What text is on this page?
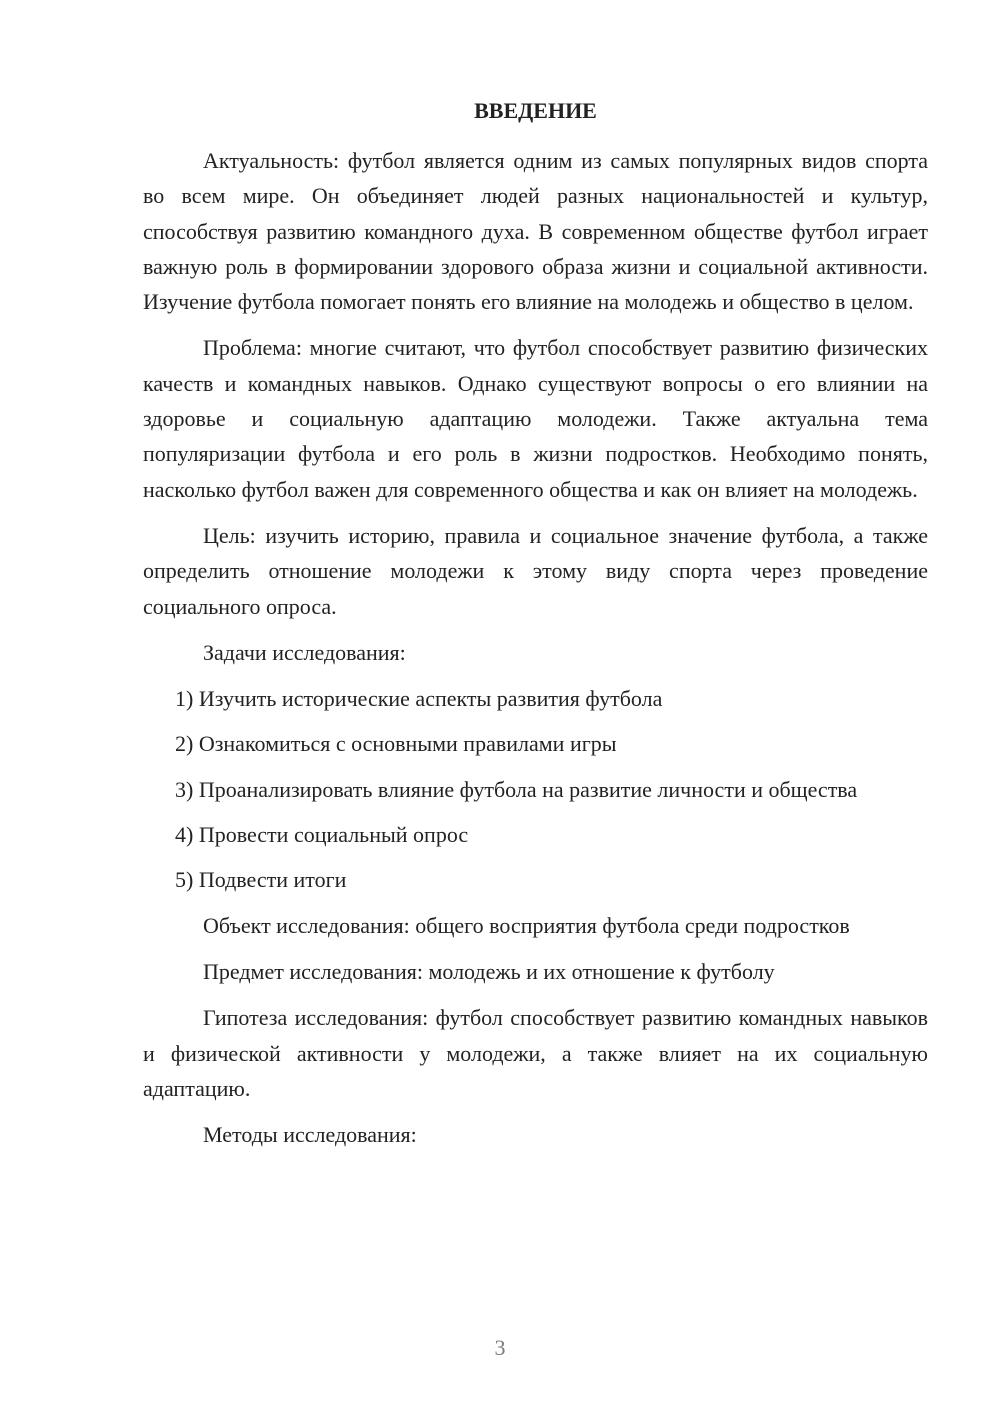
ВВЕДЕНИЕ

Актуальность: футбол является одним из самых популярных видов спорта во всем мире. Он объединяет людей разных национальностей и культур, способствуя развитию командного духа. В современном обществе футбол играет важную роль в формировании здорового образа жизни и социальной активности. Изучение футбола помогает понять его влияние на молодежь и общество в целом.

Проблема: многие считают, что футбол способствует развитию физических качеств и командных навыков. Однако существуют вопросы о его влиянии на здоровье и социальную адаптацию молодежи. Также актуальна тема популяризации футбола и его роль в жизни подростков. Необходимо понять, насколько футбол важен для современного общества и как он влияет на молодежь.

Цель: изучить историю, правила и социальное значение футбола, а также определить отношение молодежи к этому виду спорта через проведение социального опроса.

Задачи исследования:

1) Изучить исторические аспекты развития футбола

2) Ознакомиться с основными правилами игры

3) Проанализировать влияние футбола на развитие личности и общества

4) Провести социальный опрос

5) Подвести итоги

Объект исследования: общего восприятия футбола среди подростков

Предмет исследования: молодежь и их отношение к футболу

Гипотеза исследования: футбол способствует развитию командных навыков и физической активности у молодежи, а также влияет на их социальную адаптацию.

Методы исследования:

3
